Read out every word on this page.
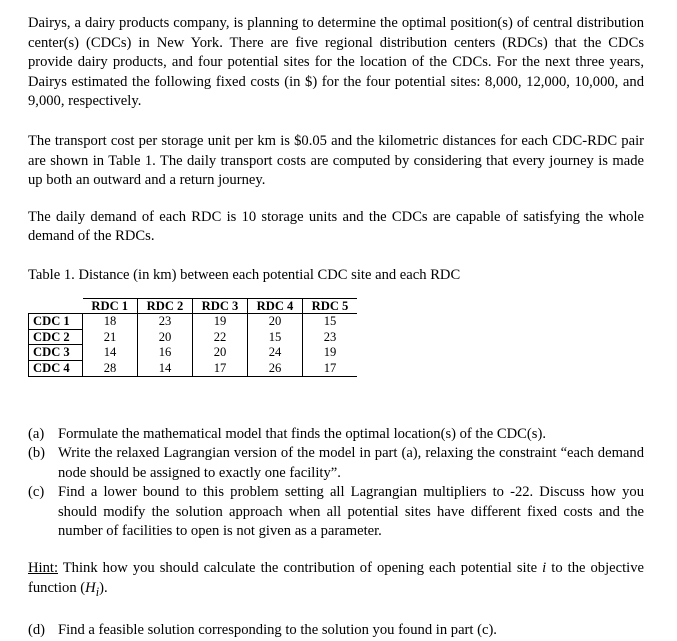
Dairys, a dairy products company, is planning to determine the optimal position(s) of central distribution center(s) (CDCs) in New York. There are five regional distribution centers (RDCs) that the CDCs provide dairy products, and four potential sites for the location of the CDCs. For the next three years, Dairys estimated the following fixed costs (in $) for the four potential sites: 8,000, 12,000, 10,000, and 9,000, respectively.

The transport cost per storage unit per km is $0.05 and the kilometric distances for each CDC-RDC pair are shown in Table 1. The daily transport costs are computed by considering that every journey is made up both an outward and a return journey.

The daily demand of each RDC is 10 storage units and the CDCs are capable of satisfying the whole demand of the RDCs.

Table 1. Distance (in km) between each potential CDC site and each RDC

	RDC 1	RDC 2	RDC 3	RDC 4	RDC 5
CDC 1	18	23	19	20	15
CDC 2	21	20	22	15	23
CDC 3	14	16	20	24	19
CDC 4	28	14	17	26	17
(a) Formulate the mathematical model that finds the optimal location(s) of the CDC(s).
(b) Write the relaxed Lagrangian version of the model in part (a), relaxing the constraint “each demand node should be assigned to exactly one facility”.
(c) Find a lower bound to this problem setting all Lagrangian multipliers to -22. Discuss how you should modify the solution approach when all potential sites have different fixed costs and the number of facilities to open is not given as a parameter.

Hint: Think how you should calculate the contribution of opening each potential site i to the objective function $(H_i)$.

(d) Find a feasible solution corresponding to the solution you found in part (c).
